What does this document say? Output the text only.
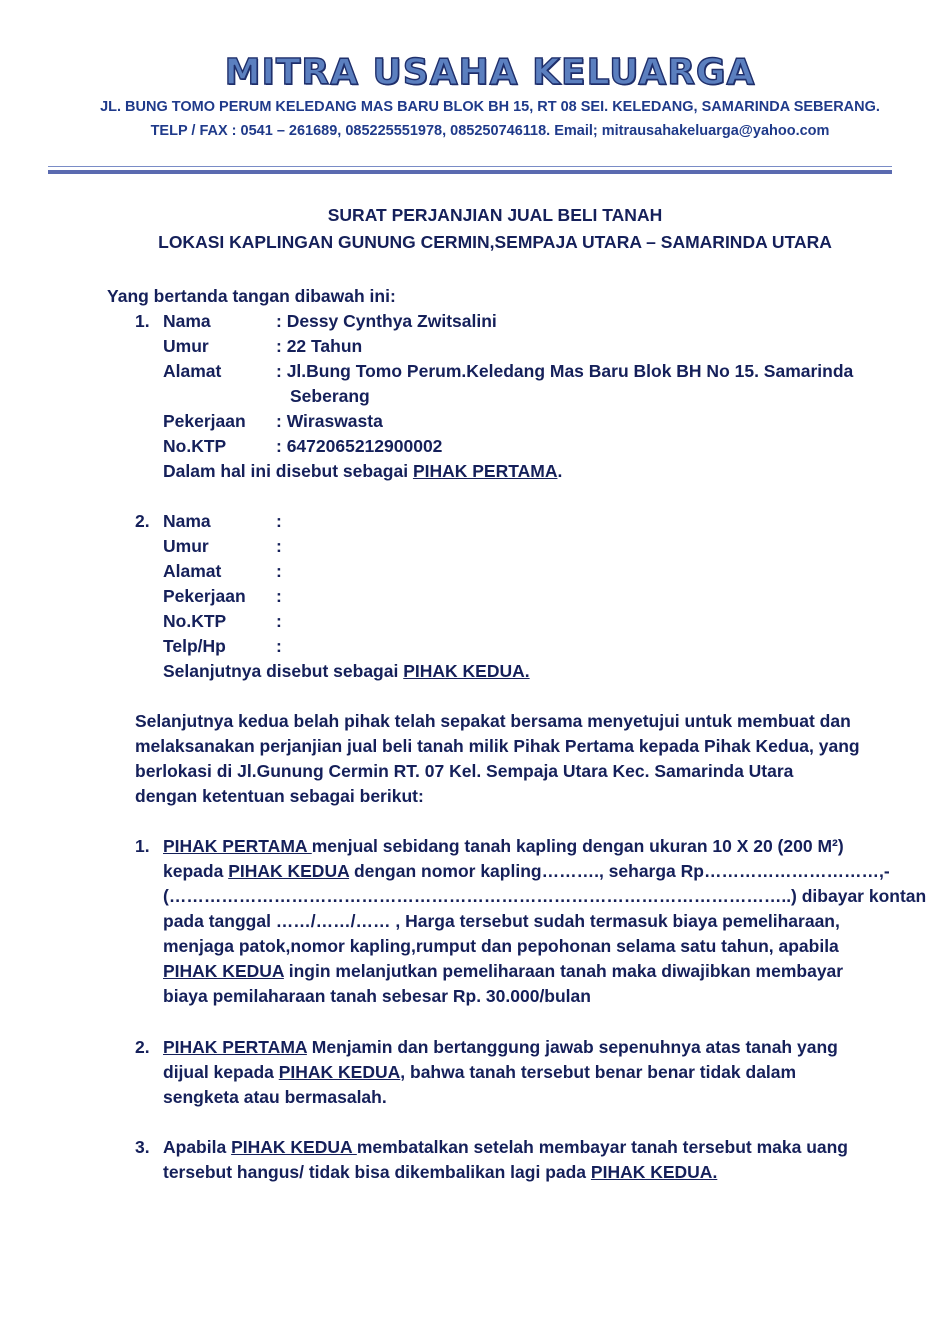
MITRA USAHA KELUARGA
JL. BUNG TOMO PERUM KELEDANG MAS BARU BLOK BH 15, RT 08 SEI. KELEDANG, SAMARINDA SEBERANG.
TELP / FAX : 0541 – 261689, 085225551978, 085250746118. Email; mitrausahakeluarga@yahoo.com
SURAT PERJANJIAN JUAL BELI TANAH
LOKASI KAPLINGAN GUNUNG CERMIN,SEMPAJA UTARA – SAMARINDA UTARA
Yang bertanda tangan dibawah ini:
1. Nama	: Dessy Cynthya Zwitsalini
Umur	: 22 Tahun
Alamat	: Jl.Bung Tomo Perum.Keledang Mas Baru Blok BH No 15. Samarinda
Seberang
Pekerjaan : Wiraswasta
No.KTP	: 6472065212900002
Dalam hal ini disebut sebagai PIHAK PERTAMA.
2. Nama	:
Umur	:
Alamat	:
Pekerjaan :
No.KTP	:
Telp/Hp	:
Selanjutnya disebut sebagai PIHAK KEDUA.
Selanjutnya kedua belah pihak telah sepakat bersama menyetujui untuk membuat dan
melaksanakan perjanjian jual beli tanah milik Pihak Pertama kepada Pihak Kedua, yang
berlokasi di Jl.Gunung Cermin RT. 07 Kel. Sempaja Utara Kec. Samarinda Utara
dengan ketentuan sebagai berikut:
1. PIHAK PERTAMA menjual sebidang tanah kapling dengan ukuran 10 X 20 (200 M²)
kepada PIHAK KEDUA dengan nomor kapling………., seharga Rp…………………………,-
(……………………………………………………………………………………………..) dibayar kontan
pada tanggal ……/……/…… , Harga tersebut sudah termasuk biaya pemeliharaan,
menjaga patok,nomor kapling,rumput dan pepohonan selama satu tahun, apabila
PIHAK KEDUA ingin melanjutkan pemeliharaan tanah maka diwajibkan membayar
biaya pemilaharaan tanah sebesar Rp. 30.000/bulan
2. PIHAK PERTAMA Menjamin dan bertanggung jawab sepenuhnya atas tanah yang
dijual kepada PIHAK KEDUA, bahwa tanah tersebut benar benar tidak dalam
sengketa atau bermasalah.
3. Apabila PIHAK KEDUA membatalkan setelah membayar tanah tersebut maka uang
tersebut hangus/ tidak bisa dikembalikan lagi pada PIHAK KEDUA.
